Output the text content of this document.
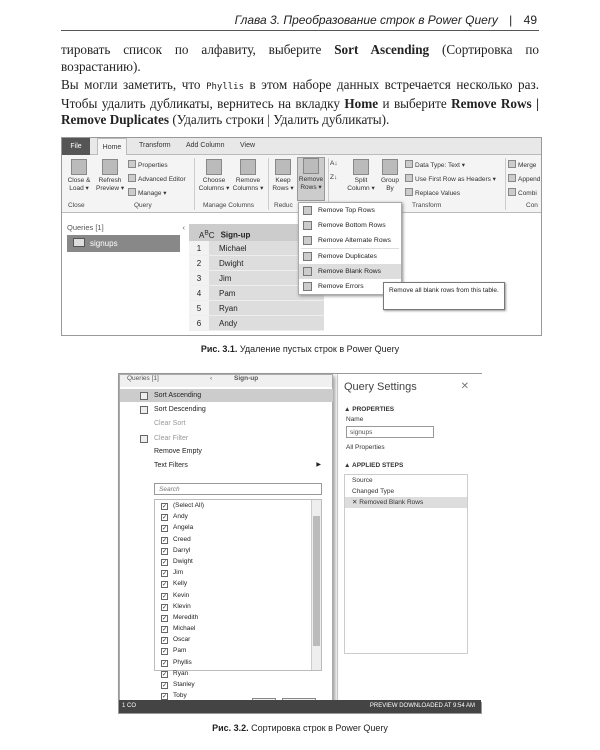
Глава 3. Преобразование строк в Power Query | 49

тировать список по алфавиту, выберите Sort Ascending (Сортировка по возрастанию).

Вы могли заметить, что Phyllis в этом наборе данных встречается несколько раз. Чтобы удалить дубликаты, вернитесь на вкладку Home и выберите Remove Rows | Remove Duplicates (Удалить строки | Удалить дубликаты).

File	Home	Transform Add Column View
Close &
Load ▾
Refresh
Preview ▾
Properties
Advanced Editor
Manage ▾
Choose
Columns ▾
Remove
Columns ▾
Keep
Rows ▾
Remove
Rows ▾
A↓
Z↓	Split
Column ▾
Group
By
Data Type: Text ▾
Use First Row as Headers ▾
Replace Values
Merge
Append
Combi
Close	Query	Manage Columns	Reduc	Transform	Con
Queries [1]	‹
signups
$A^BC$ Sign-up
1	Michael
2	Dwight
3	Jim
4	Pam
5	Ryan
6	Andy
Remove Top Rows
Remove Bottom Rows
Remove Alternate Rows
Remove Duplicates
Remove Blank Rows
Remove Errors
Remove all blank rows from this table.
Рис. 3.1. Удаление пустых строк в Power Query
Query Settings	✕
▲ PROPERTIES
Name
signups
All Properties
▲ APPLIED STEPS
Source
Changed Type
✕ Removed Blank Rows
Queries [1]	‹	Sign-up
Sort Ascending
Sort Descending
Clear Sort
Clear Filter
Remove Empty
Text Filters	▶
Search
✓ (Select All)
✓ Andy
✓ Angela
✓ Creed
✓ Darryl
✓ Dwight
✓ Jim
✓ Kelly
✓ Kevin
✓ Klevin
✓ Meredith
✓ Michael
✓ Oscar
✓ Pam
✓ Phyllis
✓ Ryan
✓ Stanley
✓ Toby
1 CO	PREVIEW DOWNLOADED AT 9:54 AM
Рис. 3.2. Сортировка строк в Power Query
